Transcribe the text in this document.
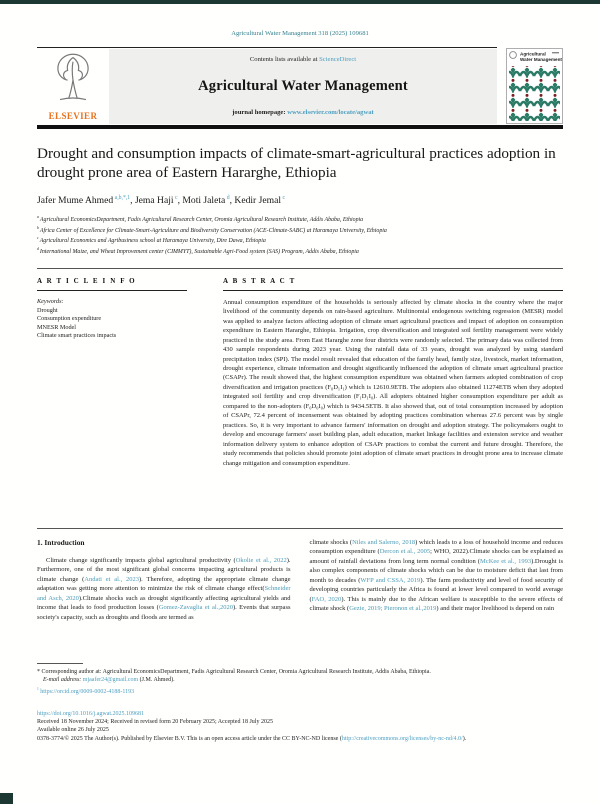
Agricultural Water Management 318 (2025) 109681
ELSEVIER
Contents lists available at ScienceDirect
Agricultural Water Management
journal homepage: www.elsevier.com/locate/agwat
Agricultural
Water Management
Drought and consumption impacts of climate-smart-agricultural practices adoption in drought prone area of Eastern Hararghe, Ethiopia
Jafer Mume Ahmed $^{a,b,*,1}$, Jema Haji $^c$, Moti Jaleta $^d$, Kedir Jemal $^c$
$^a$Agricultural EconomicsDepartment, Fadis Agricultural Research Center, Oromia Agricultural Research Institute, Addis Ababa, Ethiopia
$^b$Africa Center of Excellence for Climate-Smart-Agriculture and Biodiversity Conservation (ACE-Climate-SABC) at Haramaya University, Ethiopia
$^c$Agricultural Economics and Agribusiness school at Haramaya University, Dire Dawa, Ethiopia
$^d$International Maize, and Wheat Improvement center (CIMMYT), Sustainable Agri-Food system (SAS) Program, Addis Ababa, Ethiopia
A R T I C L E I N F O
Keywords:
Drought
Consumption expenditure
MNESR Model
Climate smart practices impacts
A B S T R A C T
Annual consumption expenditure of the households is seriously affected by climate shocks in the country where the major livelihood of the community depends on rain-based agriculture. Multinomial endogenous switching regression (MESR) model was applied to analyze factors affecting adoption of climate smart agricultural practices and impact of adoption on consumption expenditure in Eastern Hararghe, Ethiopia. Irrigation, crop diversification and integrated soil fertility management were widely practiced in the study area. From East Hararghe zone four districts were randomly selected. The primary data was collected from 430 sample respondents during 2023 year. Using the rainfall data of 33 years, drought was analyzed by using standard precipitation index (SPI). The model result revealed that education of the family head, family size, livestock, market information, drought experience, climate information and drought significantly influenced the adoption of climate smart agricultural practice (CSAPr). The result showed that, the highest consumption expenditure was obtained when farmers adopted combination of crop diversification and irrigation practices (F₀D₁I₁) which is 12610.9ETB. The adopters also obtained 11274ETB when they adopted integrated soil fertility and crop diversification (F₁D₁I₀). All adopters obtained higher consumption expenditure per adult as compared to the non-adopters (F₀D₀I₀) which is 9434.5ETB. It also showed that, out of total consumption increased by adoption of CSAPr, 72.4 percent of incensement was obtained by adopting practices combination whereas 27.6 percent was by single practices. So, it is very important to advance farmers' information on drought and adoption strategy. The policymakers ought to develop and encourage farmers' asset building plan, adult education, market linkage facilities and extension service and weather information delivery system to enhance adoption of CSAPr practices to combat the current and future drought. Therefore, the study recommends that policies should promote joint adoption of climate smart practices in drought prone area to increase climate change mitigation and consumption expenditure.
1. Introduction

Climate change significantly impacts global agricultural productivity (Okolie et al., 2022). Furthermore, one of the most significant global concerns impacting agricultural products is climate change (Andati et al., 2023). Therefore, adopting the appropriate climate change adaptation was getting more attention to minimize the risk of climate change effect(Schneider and Asch, 2020).Climate shocks such as drought significantly affecting agricultural yields and income that leads to food production losses (Gomez-Zavaglia et al.,2020). Events that surpass society's capacity, such as droughts and floods are termed as

climate shocks (Niles and Salerno, 2018) which leads to a loss of household income and reduces consumption expenditure (Dercon et al., 2005; WHO, 2022).Climate shocks can be explained as amount of rainfall deviations from long term normal condition (McKee et al., 1993).Drought is also complex components of climate shocks which can be due to moisture deficit that last from month to decades (WFP and CSSA, 2019). The farm productivity and level of food security of developing countries particularly the Africa is found at lower level compared to world average (FAO, 2020). This is mainly due to the African welfare is susceptible to the severe effects of climate shock (Gezie, 2019; Pieronon et al.,2019) and their major livelihood is depend on rain

* Corresponding author at: Agricultural EconomicsDepartment, Fadis Agricultural Research Center, Oromia Agricultural Research Institute, Addis Ababa, Ethiopia.
E-mail address: mjaafer24@gmail.com (J.M. Ahmed).
$^1$ https://orcid.org/0009-0002-4188-1193
https://doi.org/10.1016/j.agwat.2025.109681
Received 18 November 2024; Received in revised form 20 February 2025; Accepted 18 July 2025
Available online 26 July 2025
0378-3774/© 2025 The Author(s). Published by Elsevier B.V. This is an open access article under the CC BY-NC-ND license (http://creativecommons.org/licenses/by-nc-nd/4.0/).
